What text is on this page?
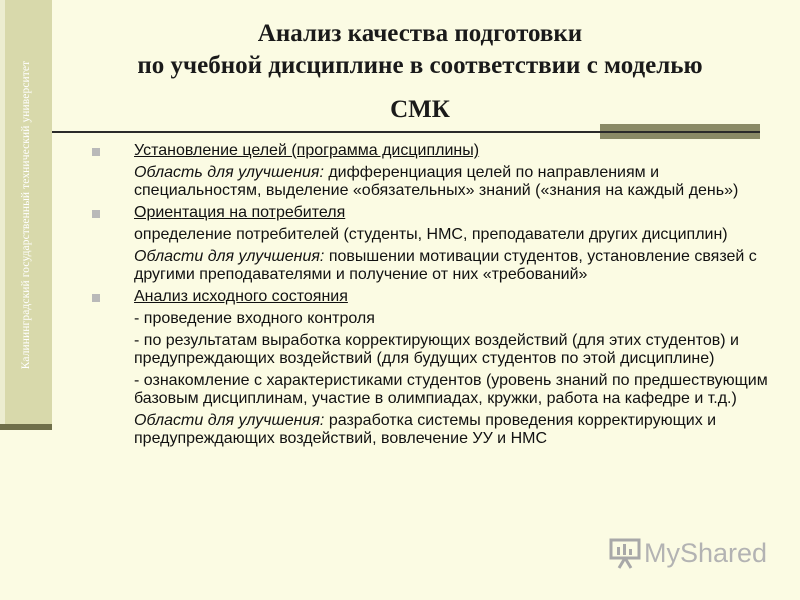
Калининградский государственный технический университет
Анализ качества подготовки
по учебной дисциплине в соответствии с моделью
СМК
Установление целей (программа дисциплины)
Область для улучшения: дифференциация целей по направлениям и специальностям, выделение «обязательных» знаний («знания на каждый день»)
Ориентация на потребителя
определение потребителей (студенты, НМС, преподаватели других дисциплин)
Области для улучшения: повышении мотивации студентов, установление связей с другими преподавателями и получение от них «требований»
Анализ исходного состояния
- проведение входного контроля
- по результатам выработка корректирующих воздействий (для этих студентов) и предупреждающих воздействий (для будущих студентов по этой дисциплине)
- ознакомление с характеристиками студентов (уровень знаний по предшествующим базовым дисциплинам, участие в олимпиадах, кружки, работа на кафедре и т.д.)
Области для улучшения: разработка системы проведения корректирующих и предупреждающих воздействий, вовлечение УУ и НМС
MyShared
